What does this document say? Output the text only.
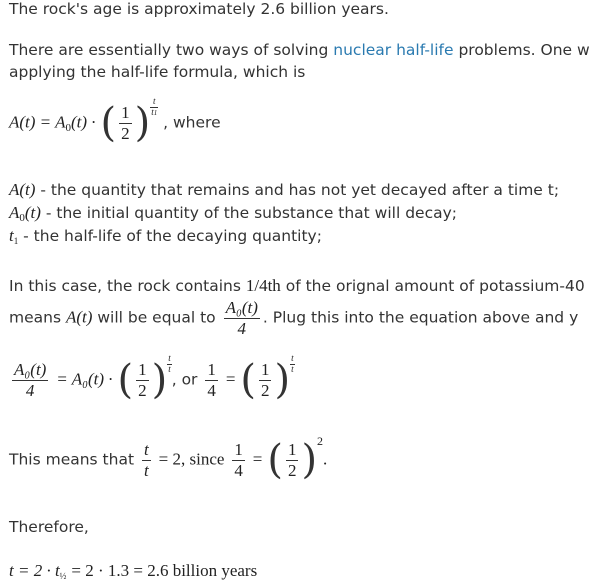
The rock's age is approximately 2.6 billion years.
There are essentially two ways of solving nuclear half-life problems. One w
applying the half-life formula, which is
A(t) = A0(t) · ( $\frac{1}{2}$ ) $\frac{t}{t1}$
, where
A(t) - the quantity that remains and has not yet decayed after a time t;
A0(t) - the initial quantity of the substance that will decay;
t1 - the half-life of the decaying quantity;
In this case, the rock contains 1/4th of the orignal amount of potassium-40
means A(t) will be equal to $\frac{\text{A₀(t)}}{4}$ . Plug this into the equation above and y
$\frac{\text{A₀(t)}}{4} = A_0(t)$ · ( $\frac{1}{2}$ ) $\frac{t}{t}$
, or $\frac{1}{4}$ = ( $\frac{1}{2}$ ) $\frac{t}{t}$
This means that $\frac{t}{t} = 2$, since $\frac{1}{4}$ = ( $\frac{1}{2} )2$.
Therefore,
t = 2 · t½ = 2 · 1.3 = 2.6 billion years
